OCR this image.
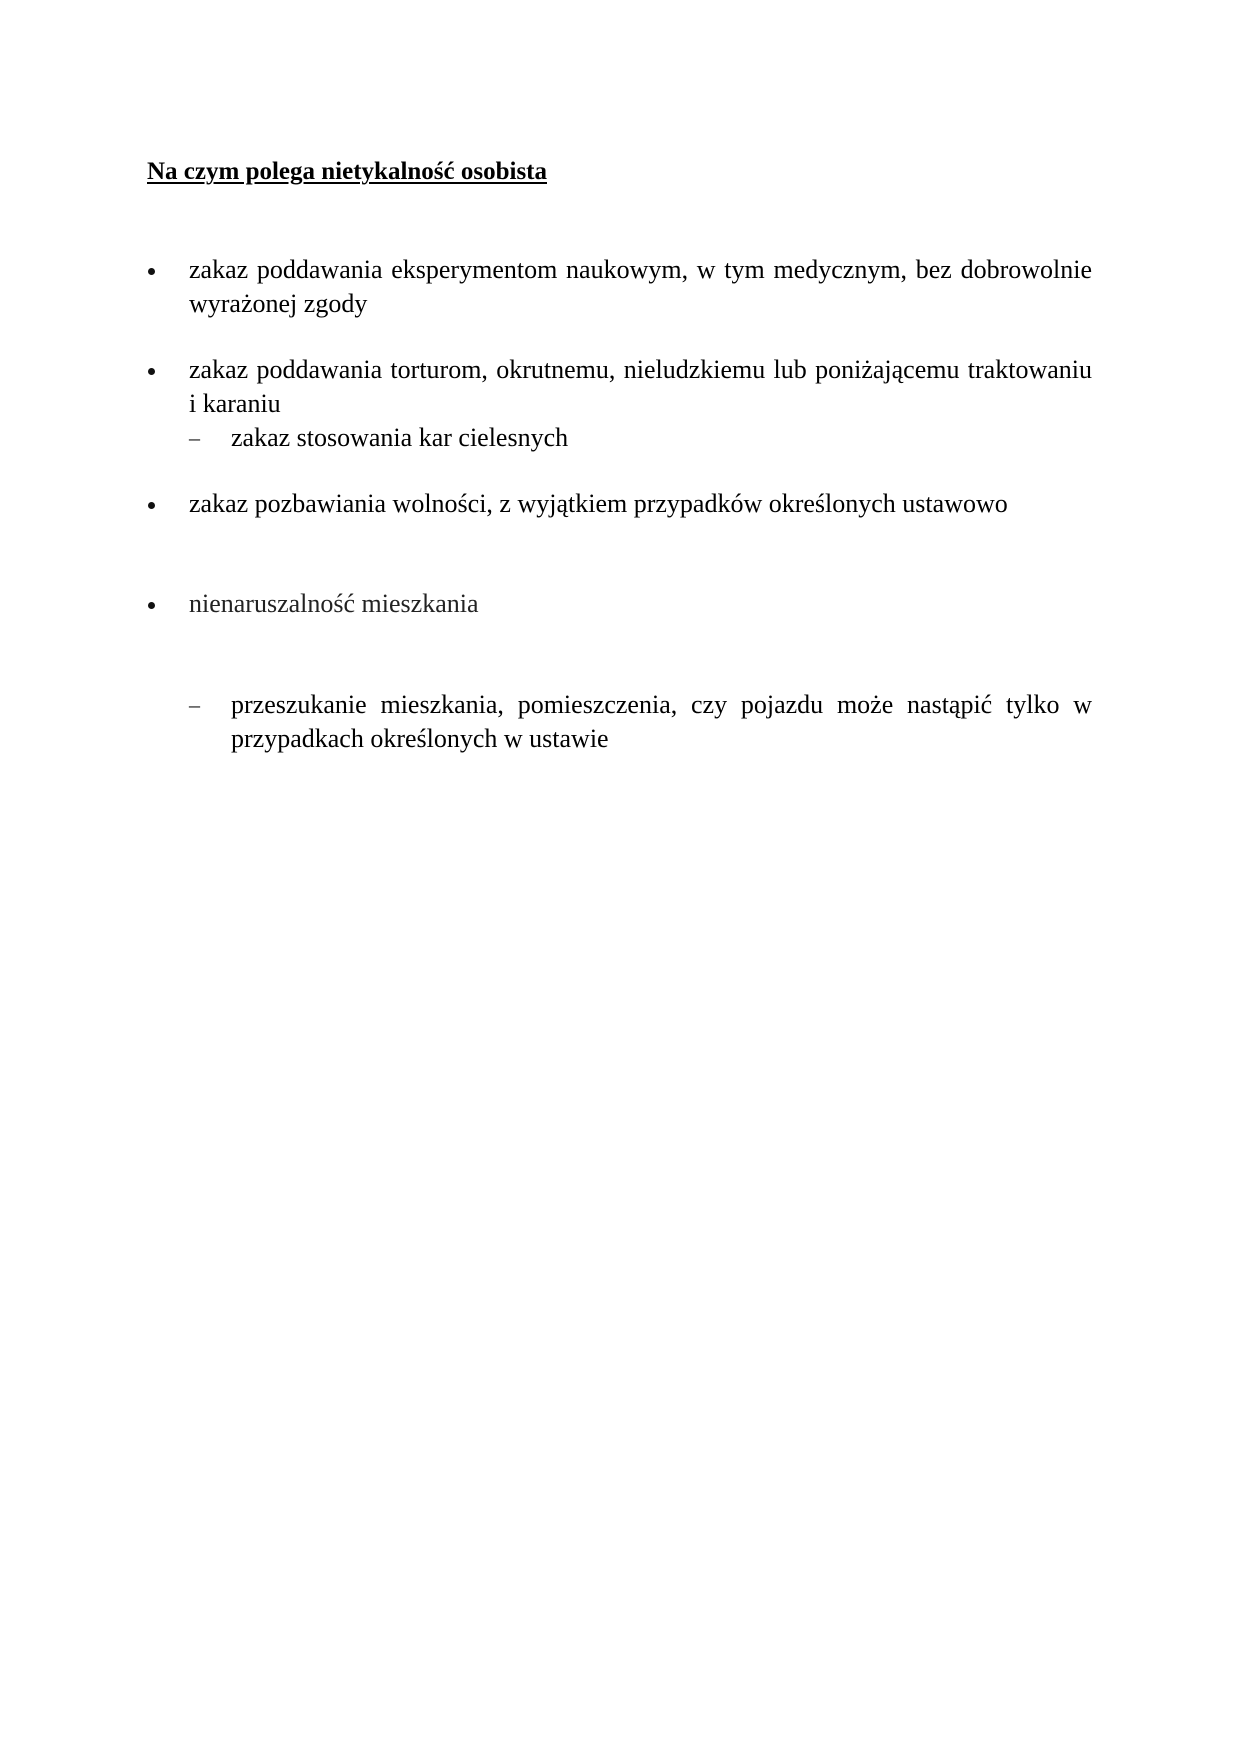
Na czym polega nietykalność osobista
zakaz poddawania eksperymentom naukowym, w tym medycznym, bez dobrowolnie wyrażonej zgody
zakaz poddawania torturom, okrutnemu, nieludzkiemu lub poniżającemu traktowaniu i karaniu
– zakaz stosowania kar cielesnych
zakaz pozbawiania wolności, z wyjątkiem przypadków określonych ustawowo
nienaruszalność mieszkania
– przeszukanie mieszkania, pomieszczenia, czy pojazdu może nastąpić tylko w przypadkach określonych w ustawie
